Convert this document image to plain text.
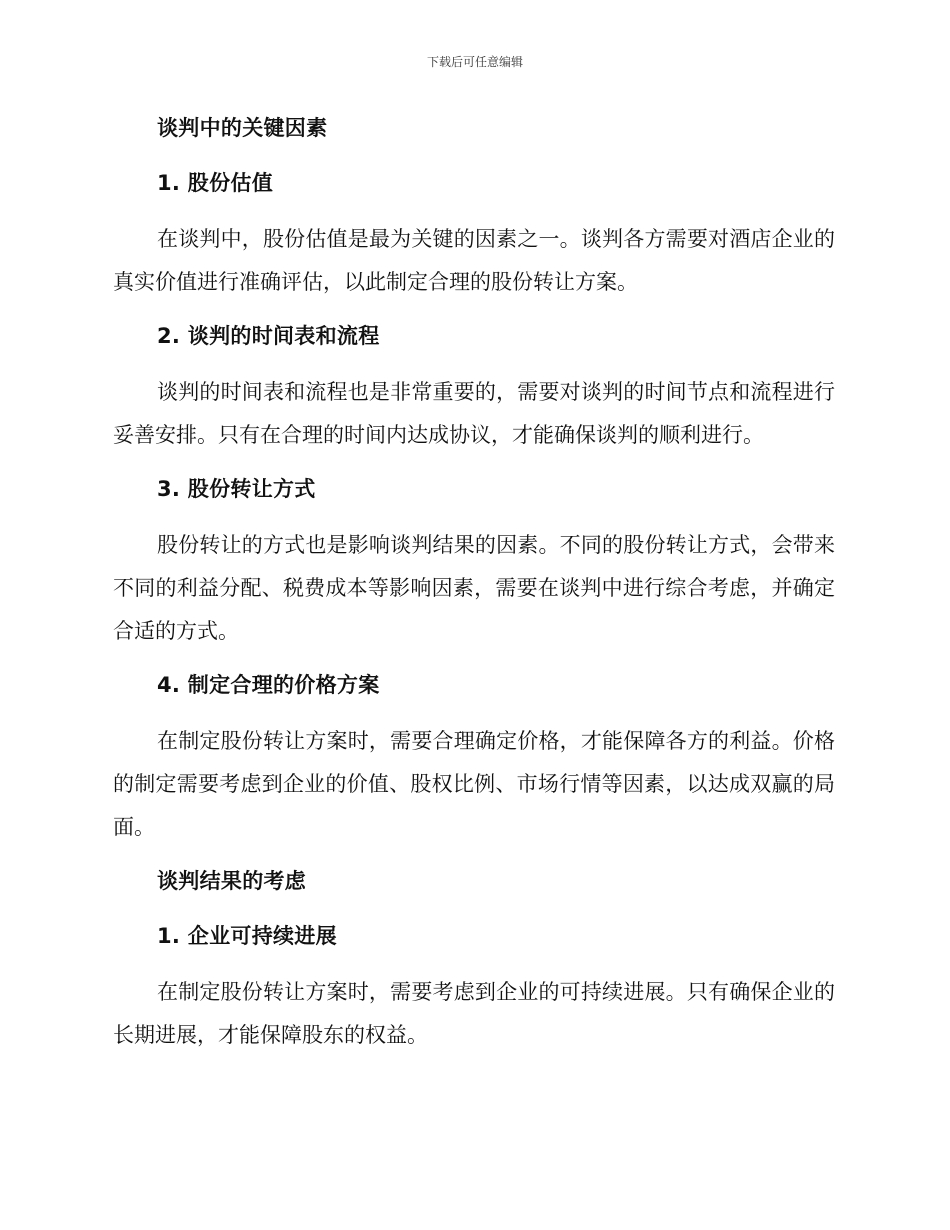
下载后可任意编辑
谈判中的关键因素
1. 股份估值

在谈判中，股份估值是最为关键的因素之一。谈判各方需要对酒店企业的真实价值进行准确评估，以此制定合理的股份转让方案。

2. 谈判的时间表和流程

谈判的时间表和流程也是非常重要的，需要对谈判的时间节点和流程进行妥善安排。只有在合理的时间内达成协议，才能确保谈判的顺利进行。

3. 股份转让方式

股份转让的方式也是影响谈判结果的因素。不同的股份转让方式，会带来不同的利益分配、税费成本等影响因素，需要在谈判中进行综合考虑，并确定合适的方式。

4. 制定合理的价格方案

在制定股份转让方案时，需要合理确定价格，才能保障各方的利益。价格的制定需要考虑到企业的价值、股权比例、市场行情等因素，以达成双赢的局面。

谈判结果的考虑
1. 企业可持续进展

在制定股份转让方案时，需要考虑到企业的可持续进展。只有确保企业的长期进展，才能保障股东的权益。
